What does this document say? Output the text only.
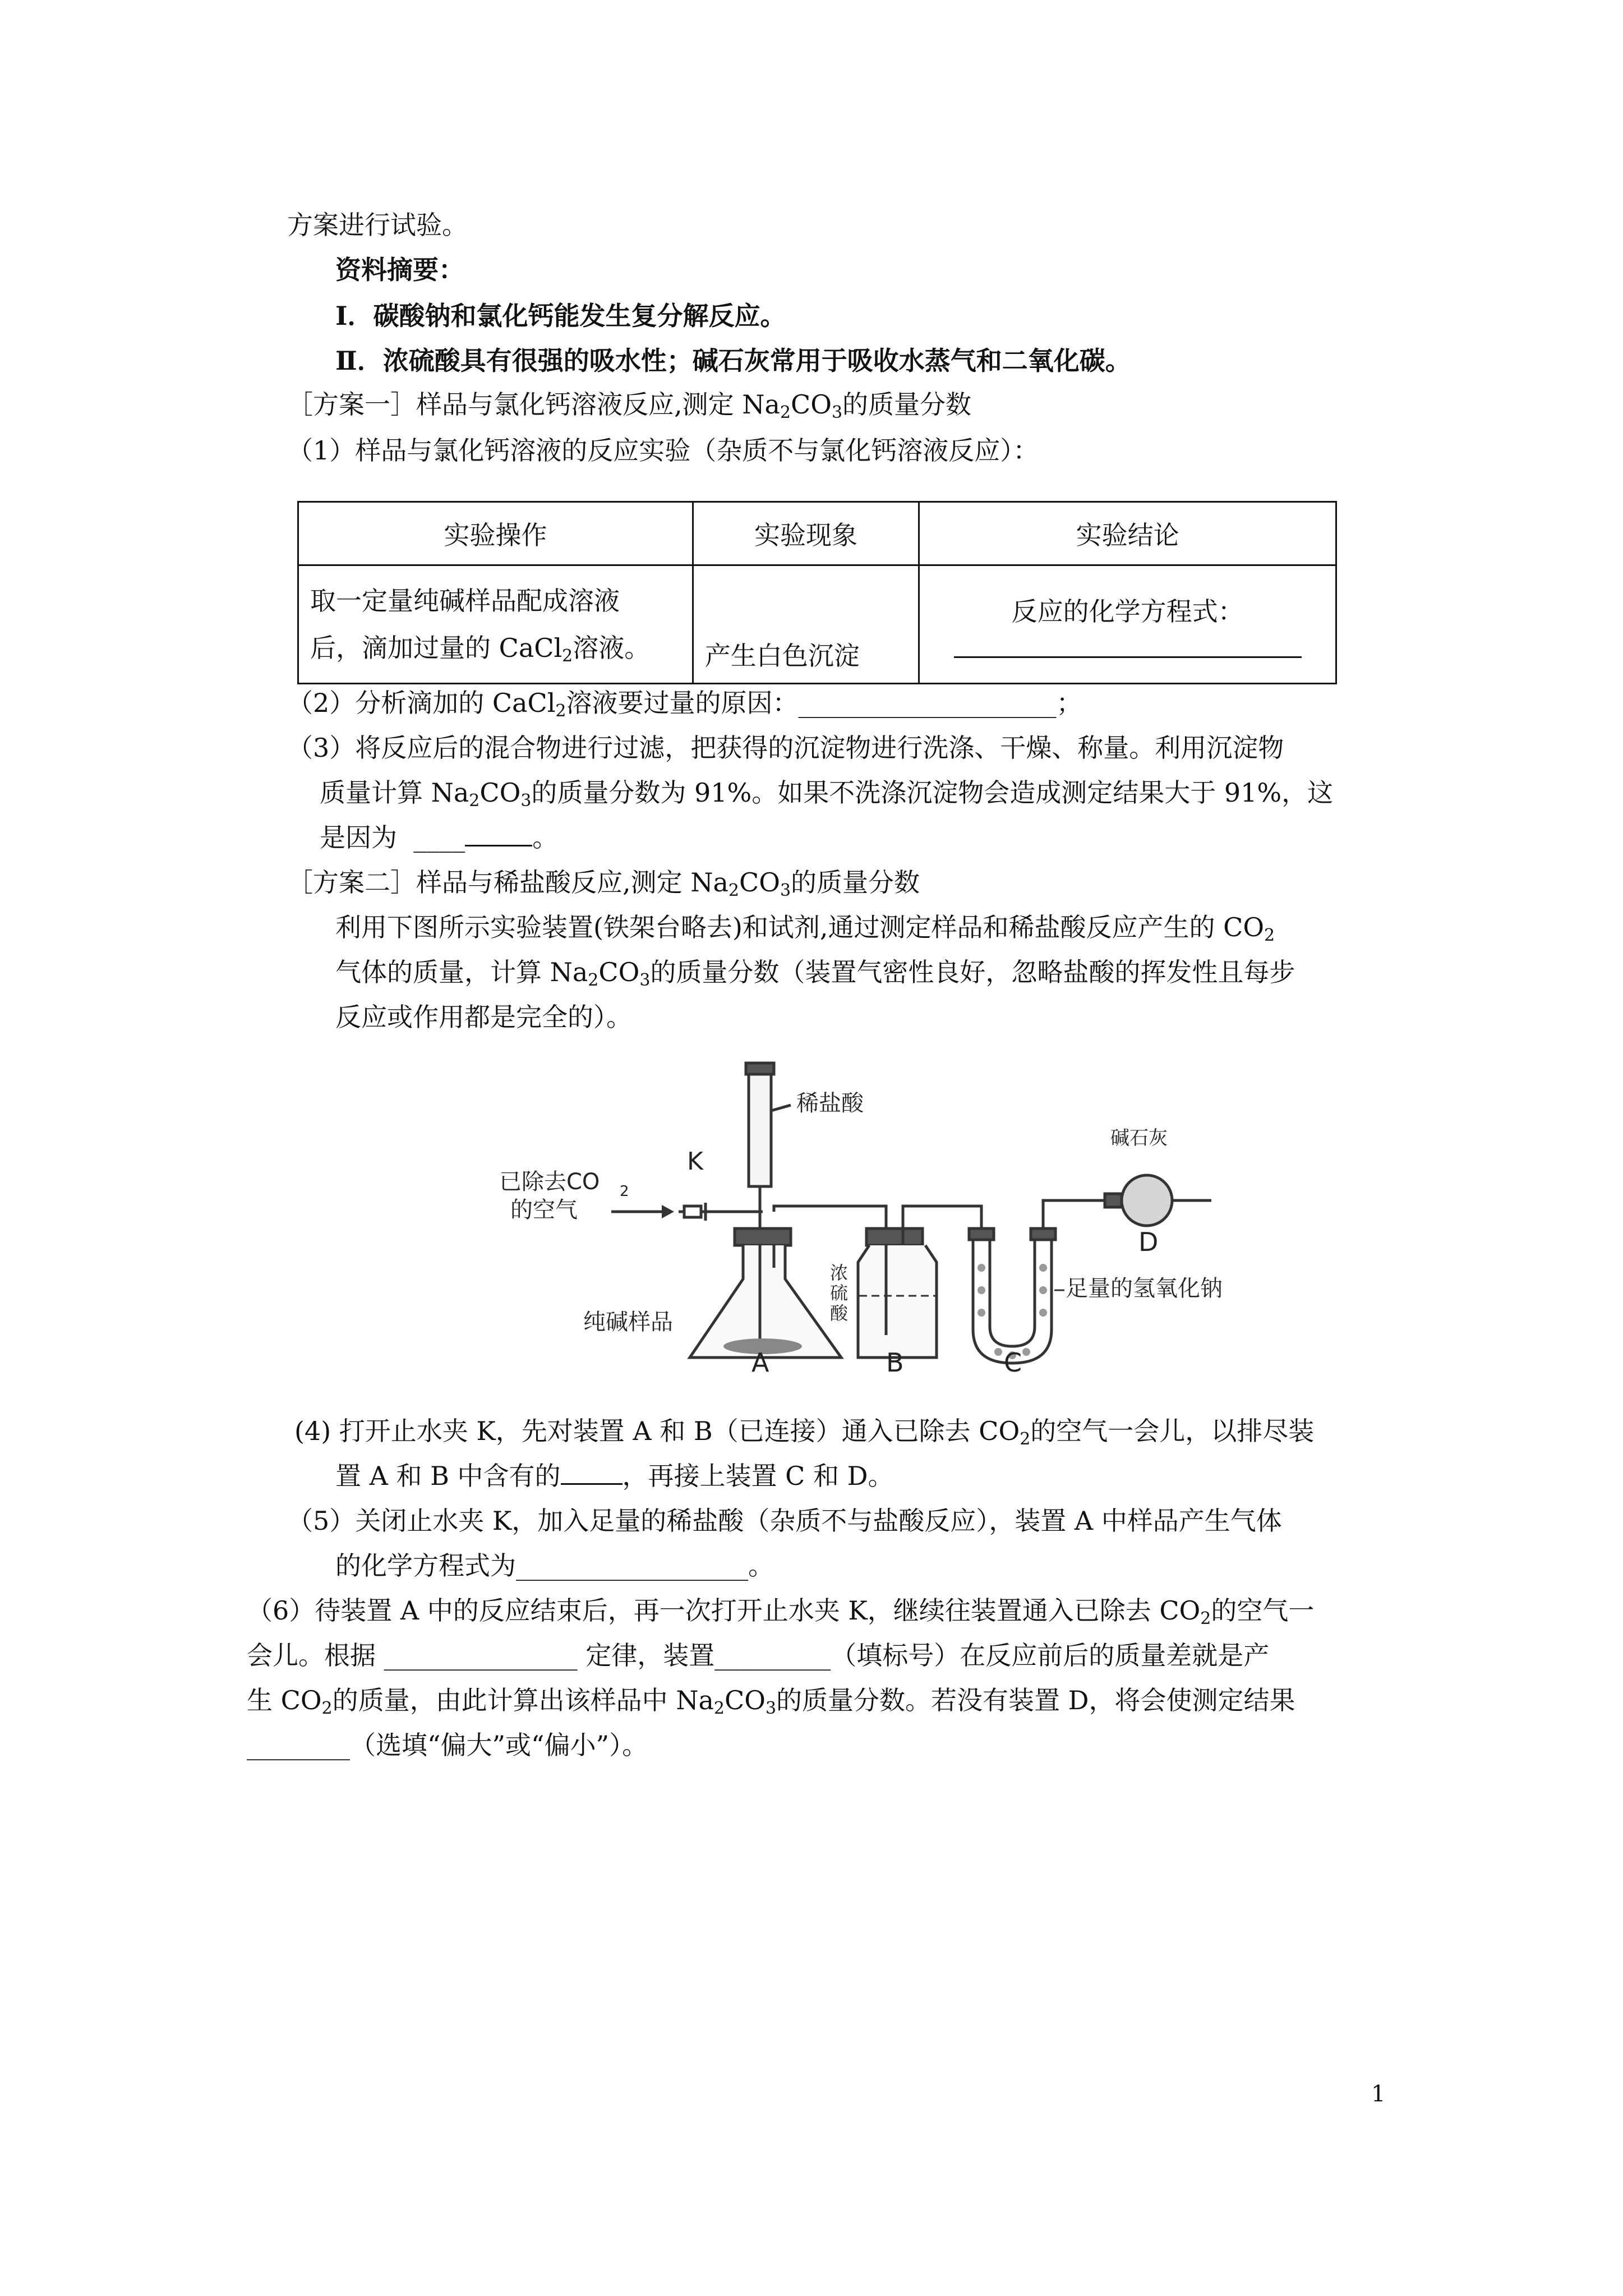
方案进行试验。
资料摘要：
Ⅰ．碳酸钠和氯化钙能发生复分解反应。
Ⅱ．浓硫酸具有很强的吸水性；碱石灰常用于吸收水蒸气和二氧化碳。
［方案一］样品与氯化钙溶液反应,测定 $Na_2CO_3$的质量分数
（1）样品与氯化钙溶液的反应实验（杂质不与氯化钙溶液反应）：
实验操作	实验现象	实验结论

取一定量纯碱样品配成溶液
后，滴加过量的 CaCl$_2$溶液。	产生白色沉淀	反应的化学方程式：
（2）分析滴加的 CaCl$_2$溶液要过量的原因：____________________；
（3）将反应后的混合物进行过滤，把获得的沉淀物进行洗涤、干燥、称量。利用沉淀物
质量计算 $Na_2CO_3$的质量分数为 91%。如果不洗涤沉淀物会造成测定结果大于 91%，这
是因为 ____	。
［方案二］样品与稀盐酸反应,测定 $Na_2CO_3$的质量分数
利用下图所示实验装置(铁架台略去)和试剂,通过测定样品和稀盐酸反应产生的 $CO_2$
气体的质量，计算 $Na_2CO_3$的质量分数（装置气密性良好，忽略盐酸的挥发性且每步
反应或作用都是完全的）。
已除去CO 2
的空气
K
稀盐酸
碱石灰
纯碱样品
浓
硫
酸
足量的氢氧化钠
A	B	C
D
(4) 打开止水夹 K，先对装置 A 和 B（已连接）通入已除去 $CO_2$的空气一会儿，以排尽装
置 A 和 B 中含有的 ，再接上装置 C 和 D。
（5）关闭止水夹 K，加入足量的稀盐酸（杂质不与盐酸反应），装置 A 中样品产生气体
的化学方程式为__________________。
（6）待装置 A 中的反应结束后，再一次打开止水夹 K，继续往装置通入已除去 $CO_2$的空气一
会儿。根据 _______________ 定律，装置_________（填标号）在反应前后的质量差就是产
生 $CO_2$的质量，由此计算出该样品中 $Na_2CO_3$的质量分数。若没有装置 D，将会使测定结果
________（选填“偏大”或“偏小”）。
1
